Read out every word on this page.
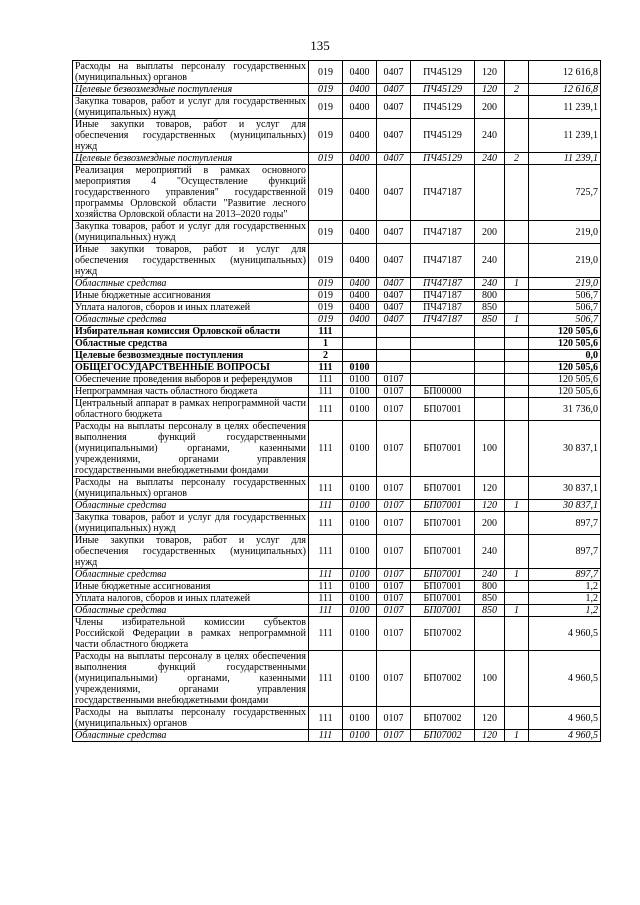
135
Расходы на выплаты персоналу государственных (муниципальных) органов	019	0400	0407	ПЧ45129	120		12 616,8
Целевые безвозмездные поступления	019	0400	0407	ПЧ45129	120	2	12 616,8
Закупка товаров, работ и услуг для государственных (муниципальных) нужд	019	0400	0407	ПЧ45129	200		11 239,1
Иные закупки товаров, работ и услуг для обеспечения государственных (муниципальных) нужд	019	0400	0407	ПЧ45129	240		11 239,1
Целевые безвозмездные поступления	019	0400	0407	ПЧ45129	240	2	11 239,1
Реализация мероприятий в рамках основного мероприятия 4 "Осуществление функций государственного управления" государственной программы Орловской области "Развитие лесного хозяйства Орловской области на 2013–2020 годы"	019	0400	0407	ПЧ47187			725,7
Закупка товаров, работ и услуг для государственных (муниципальных) нужд	019	0400	0407	ПЧ47187	200		219,0
Иные закупки товаров, работ и услуг для обеспечения государственных (муниципальных) нужд	019	0400	0407	ПЧ47187	240		219,0
Областные средства	019	0400	0407	ПЧ47187	240	1	219,0
Иные бюджетные ассигнования	019	0400	0407	ПЧ47187	800		506,7
Уплата налогов, сборов и иных платежей	019	0400	0407	ПЧ47187	850		506,7
Областные средства	019	0400	0407	ПЧ47187	850	1	506,7
Избирательная комиссия Орловской области	111						120 505,6
Областные средства	1						120 505,6
Целевые безвозмездные поступления	2						0,0
ОБЩЕГОСУДАРСТВЕННЫЕ ВОПРОСЫ	111	0100					120 505,6
Обеспечение проведения выборов и референдумов	111	0100	0107				120 505,6
Непрограммная часть областного бюджета	111	0100	0107	БП00000			120 505,6
Центральный аппарат в рамках непрограммной части областного бюджета	111	0100	0107	БП07001			31 736,0
Расходы на выплаты персоналу в целях обеспечения выполнения функций государственными (муниципальными) органами, казенными учреждениями, органами управления государственными внебюджетными фондами	111	0100	0107	БП07001	100		30 837,1
Расходы на выплаты персоналу государственных (муниципальных) органов	111	0100	0107	БП07001	120		30 837,1
Областные средства	111	0100	0107	БП07001	120	1	30 837,1
Закупка товаров, работ и услуг для государственных (муниципальных) нужд	111	0100	0107	БП07001	200		897,7
Иные закупки товаров, работ и услуг для обеспечения государственных (муниципальных) нужд	111	0100	0107	БП07001	240		897,7
Областные средства	111	0100	0107	БП07001	240	1	897,7
Иные бюджетные ассигнования	111	0100	0107	БП07001	800		1,2
Уплата налогов, сборов и иных платежей	111	0100	0107	БП07001	850		1,2
Областные средства	111	0100	0107	БП07001	850	1	1,2
Члены избирательной комиссии субъектов Российской Федерации в рамках непрограммной части областного бюджета	111	0100	0107	БП07002			4 960,5
Расходы на выплаты персоналу в целях обеспечения выполнения функций государственными (муниципальными) органами, казенными учреждениями, органами управления государственными внебюджетными фондами	111	0100	0107	БП07002	100		4 960,5
Расходы на выплаты персоналу государственных (муниципальных) органов	111	0100	0107	БП07002	120		4 960,5
Областные средства	111	0100	0107	БП07002	120	1	4 960,5
